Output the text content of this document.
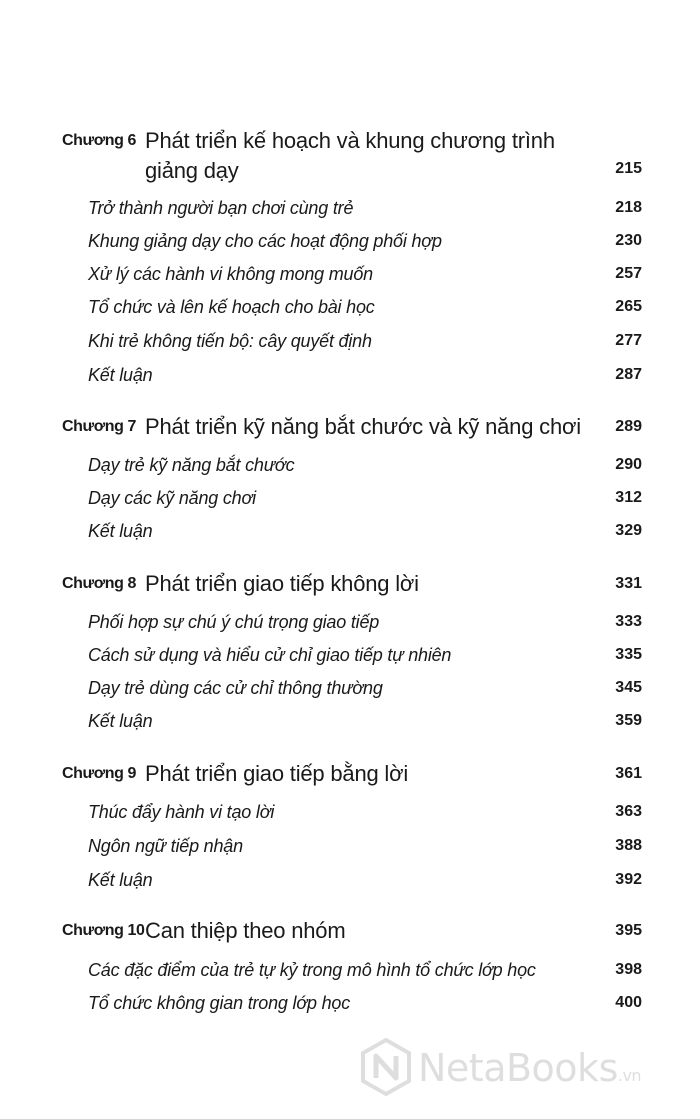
Chương 6 Phát triển kế hoạch và khung chương trình giảng dạy	215
Trở thành người bạn chơi cùng trẻ	218
Khung giảng dạy cho các hoạt động phối hợp	230
Xử lý các hành vi không mong muốn	257
Tổ chức và lên kế hoạch cho bài học	265
Khi trẻ không tiến bộ: cây quyết định	277
Kết luận	287
Chương 7 Phát triển kỹ năng bắt chước và kỹ năng chơi	289
Dạy trẻ kỹ năng bắt chước	290
Dạy các kỹ năng chơi	312
Kết luận	329
Chương 8 Phát triển giao tiếp không lời	331
Phối hợp sự chú ý chú trọng giao tiếp	333
Cách sử dụng và hiểu cử chỉ giao tiếp tự nhiên	335
Dạy trẻ dùng các cử chỉ thông thường	345
Kết luận	359
Chương 9 Phát triển giao tiếp bằng lời	361
Thúc đẩy hành vi tạo lời	363
Ngôn ngữ tiếp nhận	388
Kết luận	392
Chương 10 Can thiệp theo nhóm	395
Các đặc điểm của trẻ tự kỷ trong mô hình tổ chức lớp học	398
Tổ chức không gian trong lớp học	400
NetaBooks.vn
